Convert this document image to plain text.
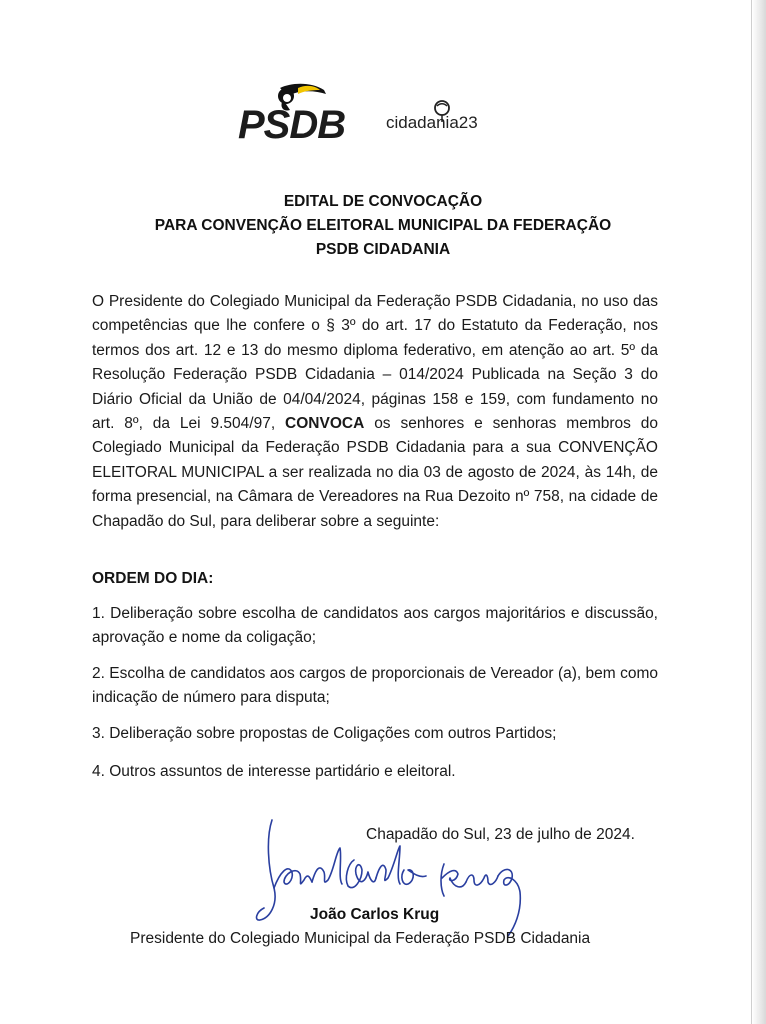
PSDB cidadania23
EDITAL DE CONVOCAÇÃO
PARA CONVENÇÃO ELEITORAL MUNICIPAL DA FEDERAÇÃO
PSDB CIDADANIA
O Presidente do Colegiado Municipal da Federação PSDB Cidadania, no uso das competências que lhe confere o § 3º do art. 17 do Estatuto da Federação, nos termos dos art. 12 e 13 do mesmo diploma federativo, em atenção ao art. 5º da Resolução Federação PSDB Cidadania – 014/2024 Publicada na Seção 3 do Diário Oficial da União de 04/04/2024, páginas 158 e 159, com fundamento no art. 8º, da Lei 9.504/97, CONVOCA os senhores e senhoras membros do Colegiado Municipal da Federação PSDB Cidadania para a sua CONVENÇÃO ELEITORAL MUNICIPAL a ser realizada no dia 03 de agosto de 2024, às 14h, de forma presencial, na Câmara de Vereadores na Rua Dezoito nº 758, na cidade de Chapadão do Sul, para deliberar sobre a seguinte:
ORDEM DO DIA:
1. Deliberação sobre escolha de candidatos aos cargos majoritários e discussão, aprovação e nome da coligação;
2. Escolha de candidatos aos cargos de proporcionais de Vereador (a), bem como indicação de número para disputa;
3. Deliberação sobre propostas de Coligações com outros Partidos;
4. Outros assuntos de interesse partidário e eleitoral.
Chapadão do Sul, 23 de julho de 2024.
João Carlos Krug
Presidente do Colegiado Municipal da Federação PSDB Cidadania
